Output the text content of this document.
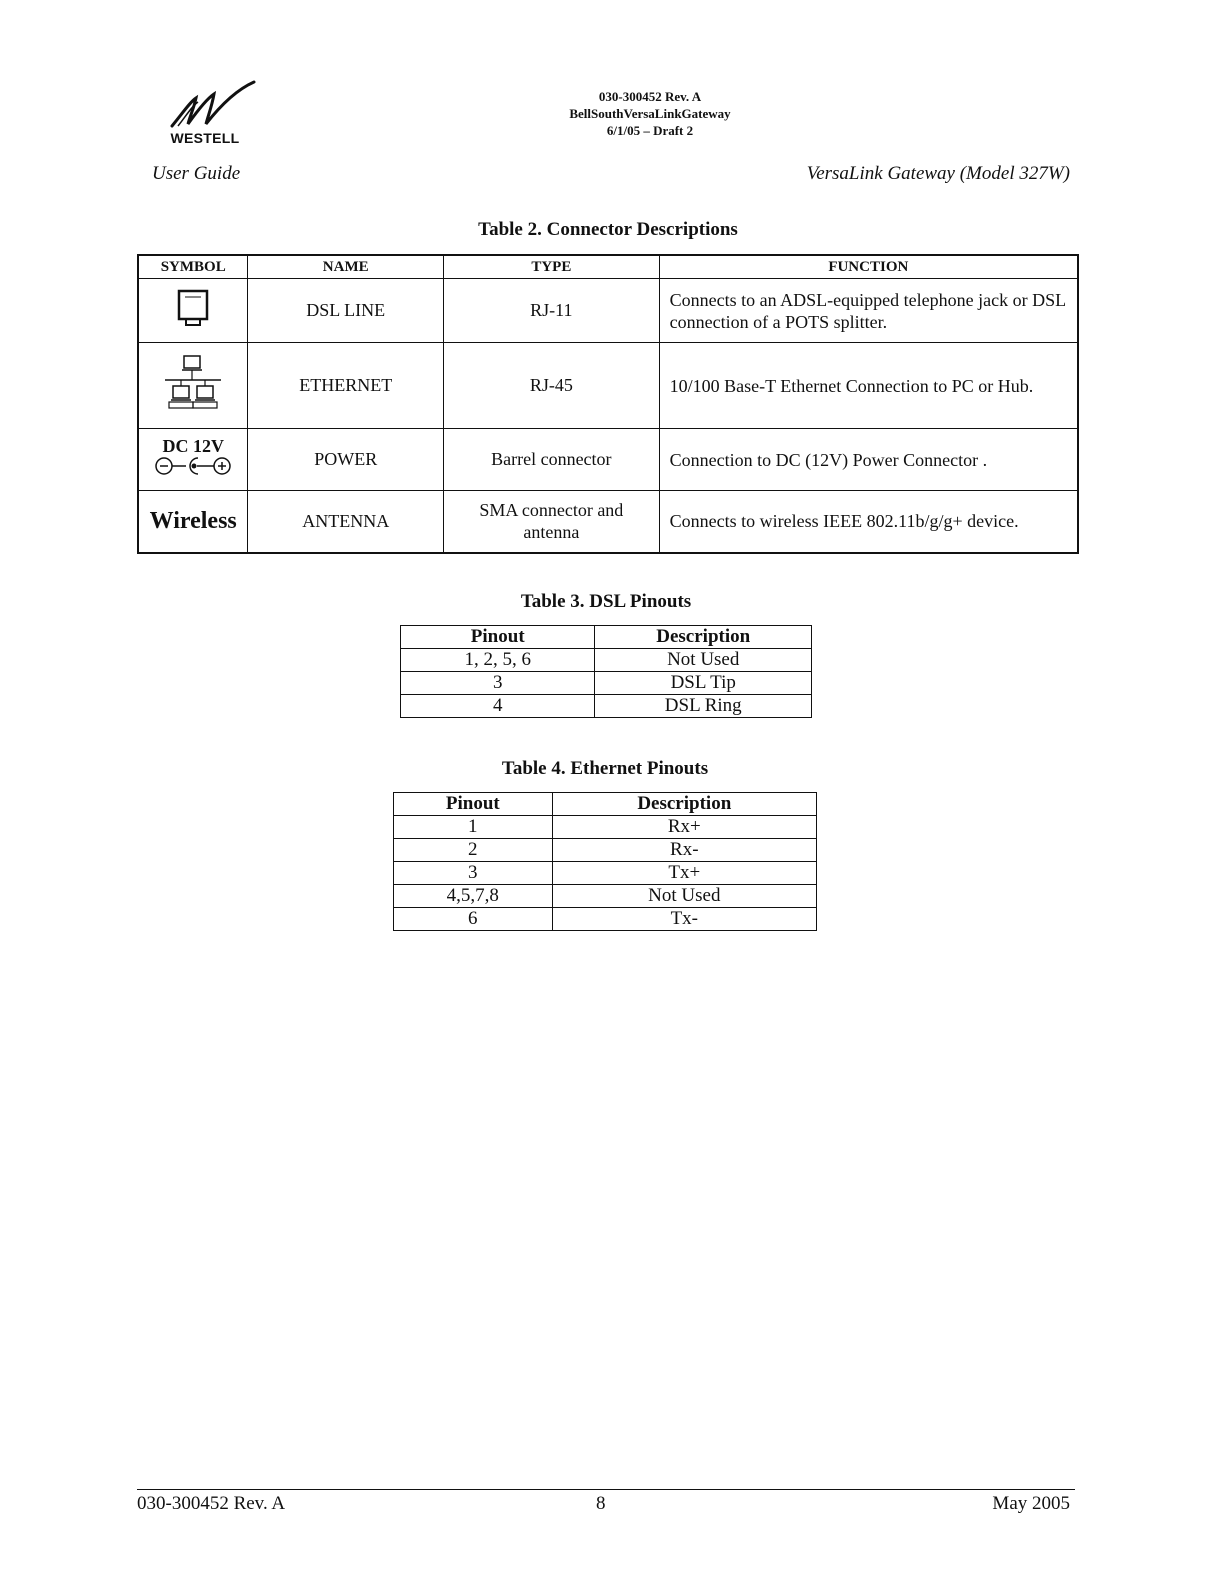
WESTELL
030-300452 Rev. A
BellSouthVersaLinkGateway
6/1/05 – Draft 2
User Guide	VersaLink Gateway (Model 327W)
Table 2. Connector Descriptions
SYMBOL	NAME	TYPE	FUNCTION
	DSL LINE	RJ-11	Connects to an ADSL-equipped telephone jack or DSL connection of a POTS splitter.
	ETHERNET	RJ-45	10/100 Base-T Ethernet Connection to PC or Hub.

DC 12V	POWER	Barrel connector	Connection to DC (12V) Power Connector .
Wireless	ANTENNA	SMA connector and antenna	Connects to wireless IEEE 802.11b/g/g+ device.
Table 3. DSL Pinouts
Pinout	Description
1, 2, 5, 6	Not Used
3	DSL Tip
4	DSL Ring
Table 4. Ethernet Pinouts
Pinout	Description
1	Rx+
2	Rx-
3	Tx+
4,5,7,8	Not Used
6	Tx-
030-300452 Rev. A	8	May 2005
